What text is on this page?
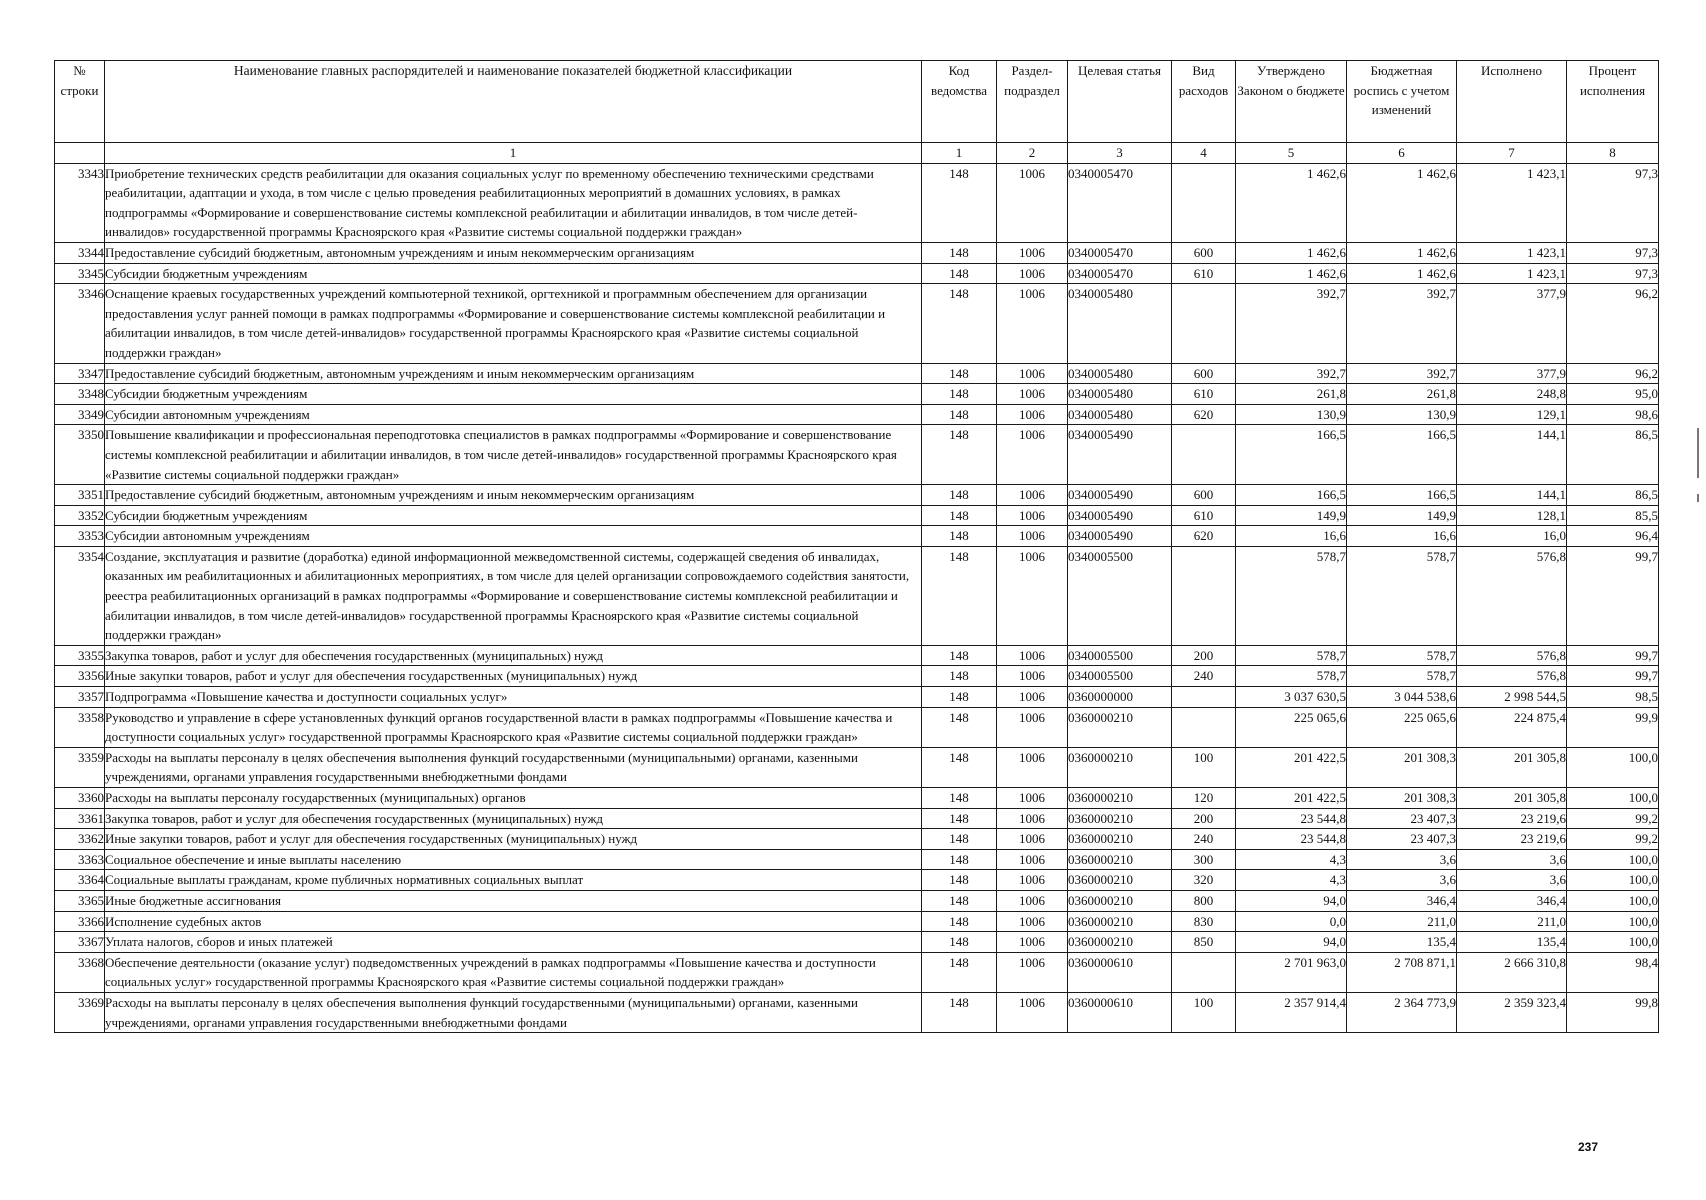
№ строки	Наименование главных распорядителей и наименование показателей бюджетной классификации	Код ведомства	Раздел-подраздел	Целевая статья	Вид расходов	Утверждено Законом о бюджете	Бюджетная роспись с учетом изменений	Исполнено	Процент исполнения
	1	1	2	3	4	5	6	7	8
3343	Приобретение технических средств реабилитации для оказания социальных услуг по временному обеспечению техническими средствами реабилитации, адаптации и ухода, в том числе с целью проведения реабилитационных мероприятий в домашних условиях, в рамках подпрограммы «Формирование и совершенствование системы комплексной реабилитации и абилитации инвалидов, в том числе детей-инвалидов» государственной программы Красноярского края «Развитие системы социальной поддержки граждан»	148	1006	0340005470		1 462,6	1 462,6	1 423,1	97,3
3344	Предоставление субсидий бюджетным, автономным учреждениям и иным некоммерческим организациям	148	1006	0340005470	600	1 462,6	1 462,6	1 423,1	97,3
3345	Субсидии бюджетным учреждениям	148	1006	0340005470	610	1 462,6	1 462,6	1 423,1	97,3
3346	Оснащение краевых государственных учреждений компьютерной техникой, оргтехникой и программным обеспечением для организации предоставления услуг ранней помощи в рамках подпрограммы «Формирование и совершенствование системы комплексной реабилитации и абилитации инвалидов, в том числе детей-инвалидов» государственной программы Красноярского края «Развитие системы социальной поддержки граждан»	148	1006	0340005480		392,7	392,7	377,9	96,2
3347	Предоставление субсидий бюджетным, автономным учреждениям и иным некоммерческим организациям	148	1006	0340005480	600	392,7	392,7	377,9	96,2
3348	Субсидии бюджетным учреждениям	148	1006	0340005480	610	261,8	261,8	248,8	95,0
3349	Субсидии автономным учреждениям	148	1006	0340005480	620	130,9	130,9	129,1	98,6
3350	Повышение квалификации и профессиональная переподготовка специалистов в рамках подпрограммы «Формирование и совершенствование системы комплексной реабилитации и абилитации инвалидов, в том числе детей-инвалидов» государственной программы Красноярского края «Развитие системы социальной поддержки граждан»	148	1006	0340005490		166,5	166,5	144,1	86,5
3351	Предоставление субсидий бюджетным, автономным учреждениям и иным некоммерческим организациям	148	1006	0340005490	600	166,5	166,5	144,1	86,5
3352	Субсидии бюджетным учреждениям	148	1006	0340005490	610	149,9	149,9	128,1	85,5
3353	Субсидии автономным учреждениям	148	1006	0340005490	620	16,6	16,6	16,0	96,4
3354	Создание, эксплуатация и развитие (доработка) единой информационной межведомственной системы, содержащей сведения об инвалидах, оказанных им реабилитационных и абилитационных мероприятиях, в том числе для целей организации сопровождаемого содействия занятости, реестра реабилитационных организаций в рамках подпрограммы «Формирование и совершенствование системы комплексной реабилитации и абилитации инвалидов, в том числе детей-инвалидов» государственной программы Красноярского края «Развитие системы социальной поддержки граждан»	148	1006	0340005500		578,7	578,7	576,8	99,7
3355	Закупка товаров, работ и услуг для обеспечения государственных (муниципальных) нужд	148	1006	0340005500	200	578,7	578,7	576,8	99,7
3356	Иные закупки товаров, работ и услуг для обеспечения государственных (муниципальных) нужд	148	1006	0340005500	240	578,7	578,7	576,8	99,7
3357	Подпрограмма «Повышение качества и доступности социальных услуг»	148	1006	0360000000		3 037 630,5	3 044 538,6	2 998 544,5	98,5
3358	Руководство и управление в сфере установленных функций органов государственной власти в рамках подпрограммы «Повышение качества и доступности социальных услуг» государственной программы Красноярского края «Развитие системы социальной поддержки граждан»	148	1006	0360000210		225 065,6	225 065,6	224 875,4	99,9
3359	Расходы на выплаты персоналу в целях обеспечения выполнения функций государственными (муниципальными) органами, казенными учреждениями, органами управления государственными внебюджетными фондами	148	1006	0360000210	100	201 422,5	201 308,3	201 305,8	100,0
3360	Расходы на выплаты персоналу государственных (муниципальных) органов	148	1006	0360000210	120	201 422,5	201 308,3	201 305,8	100,0
3361	Закупка товаров, работ и услуг для обеспечения государственных (муниципальных) нужд	148	1006	0360000210	200	23 544,8	23 407,3	23 219,6	99,2
3362	Иные закупки товаров, работ и услуг для обеспечения государственных (муниципальных) нужд	148	1006	0360000210	240	23 544,8	23 407,3	23 219,6	99,2
3363	Социальное обеспечение и иные выплаты населению	148	1006	0360000210	300	4,3	3,6	3,6	100,0
3364	Социальные выплаты гражданам, кроме публичных нормативных социальных выплат	148	1006	0360000210	320	4,3	3,6	3,6	100,0
3365	Иные бюджетные ассигнования	148	1006	0360000210	800	94,0	346,4	346,4	100,0
3366	Исполнение судебных актов	148	1006	0360000210	830	0,0	211,0	211,0	100,0
3367	Уплата налогов, сборов и иных платежей	148	1006	0360000210	850	94,0	135,4	135,4	100,0
3368	Обеспечение деятельности (оказание услуг) подведомственных учреждений в рамках подпрограммы «Повышение качества и доступности социальных услуг» государственной программы Красноярского края «Развитие системы социальной поддержки граждан»	148	1006	0360000610		2 701 963,0	2 708 871,1	2 666 310,8	98,4
3369	Расходы на выплаты персоналу в целях обеспечения выполнения функций государственными (муниципальными) органами, казенными учреждениями, органами управления государственными внебюджетными фондами	148	1006	0360000610	100	2 357 914,4	2 364 773,9	2 359 323,4	99,8
237
